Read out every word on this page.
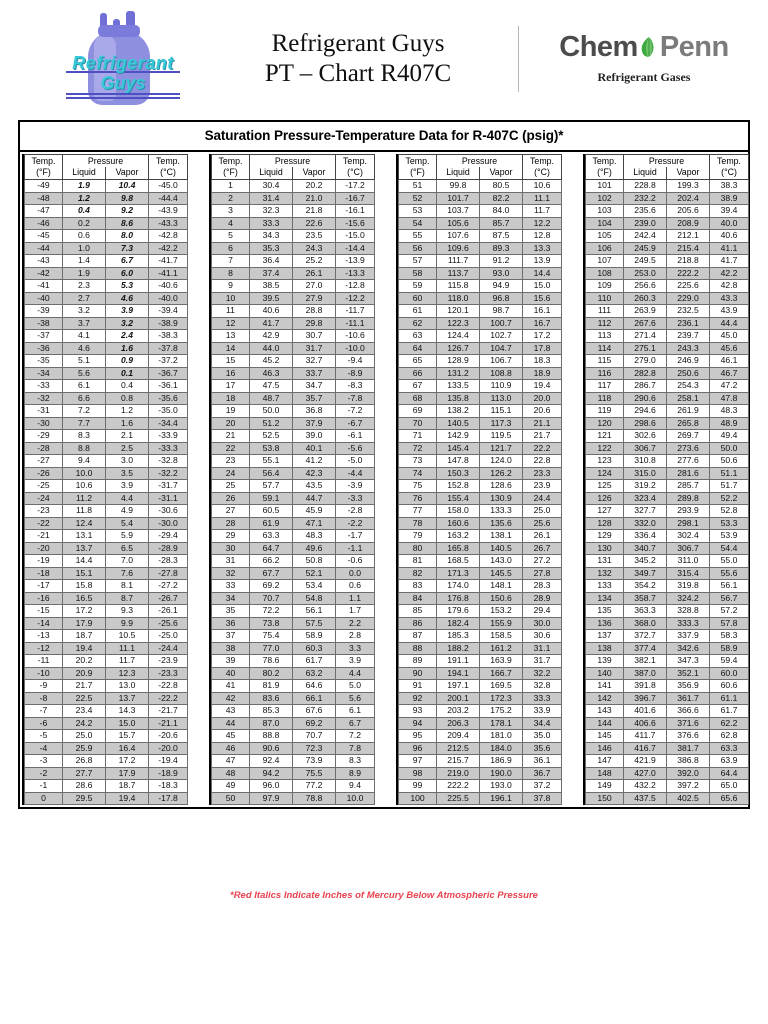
Refrigerant
Guys
Refrigerant Guys
PT – Chart R407C
Chem Penn
Refrigerant Gases
Saturation Pressure-Temperature Data for R-407C (psig)*
Temp.	Pressure		Temp.
(°F)	Liquid	Vapor	(°C)
-49	1.9	10.4	-45.0
-48	1.2	9.8	-44.4
-47	0.4	9.2	-43.9
-46	0.2	8.6	-43.3
-45	0.6	8.0	-42.8
-44	1.0	7.3	-42.2
-43	1.4	6.7	-41.7
-42	1.9	6.0	-41.1
-41	2.3	5.3	-40.6
-40	2.7	4.6	-40.0
-39	3.2	3.9	-39.4
-38	3.7	3.2	-38.9
-37	4.1	2.4	-38.3
-36	4.6	1.6	-37.8
-35	5.1	0.9	-37.2
-34	5.6	0.1	-36.7
-33	6.1	0.4	-36.1
-32	6.6	0.8	-35.6
-31	7.2	1.2	-35.0
-30	7.7	1.6	-34.4
-29	8.3	2.1	-33.9
-28	8.8	2.5	-33.3
-27	9.4	3.0	-32.8
-26	10.0	3.5	-32.2
-25	10.6	3.9	-31.7
-24	11.2	4.4	-31.1
-23	11.8	4.9	-30.6
-22	12.4	5.4	-30.0
-21	13.1	5.9	-29.4
-20	13.7	6.5	-28.9
-19	14.4	7.0	-28.3
-18	15.1	7.6	-27.8
-17	15.8	8.1	-27.2
-16	16.5	8.7	-26.7
-15	17.2	9.3	-26.1
-14	17.9	9.9	-25.6
-13	18.7	10.5	-25.0
-12	19.4	11.1	-24.4
-11	20.2	11.7	-23.9
-10	20.9	12.3	-23.3
-9	21.7	13.0	-22.8
-8	22.5	13.7	-22.2
-7	23.4	14.3	-21.7
-6	24.2	15.0	-21.1
-5	25.0	15.7	-20.6
-4	25.9	16.4	-20.0
-3	26.8	17.2	-19.4
-2	27.7	17.9	-18.9
-1	28.6	18.7	-18.3
0	29.5	19.4	-17.8
Temp.	Pressure		Temp.
(°F)	Liquid	Vapor	(°C)
1	30.4	20.2	-17.2
2	31.4	21.0	-16.7
3	32.3	21.8	-16.1
4	33.3	22.6	-15.6
5	34.3	23.5	-15.0
6	35.3	24.3	-14.4
7	36.4	25.2	-13.9
8	37.4	26.1	-13.3
9	38.5	27.0	-12.8
10	39.5	27.9	-12.2
11	40.6	28.8	-11.7
12	41.7	29.8	-11.1
13	42.9	30.7	-10.6
14	44.0	31.7	-10.0
15	45.2	32.7	-9.4
16	46.3	33.7	-8.9
17	47.5	34.7	-8.3
18	48.7	35.7	-7.8
19	50.0	36.8	-7.2
20	51.2	37.9	-6.7
21	52.5	39.0	-6.1
22	53.8	40.1	-5.6
23	55.1	41.2	-5.0
24	56.4	42.3	-4.4
25	57.7	43.5	-3.9
26	59.1	44.7	-3.3
27	60.5	45.9	-2.8
28	61.9	47.1	-2.2
29	63.3	48.3	-1.7
30	64.7	49.6	-1.1
31	66.2	50.8	-0.6
32	67.7	52.1	0.0
33	69.2	53.4	0.6
34	70.7	54.8	1.1
35	72.2	56.1	1.7
36	73.8	57.5	2.2
37	75.4	58.9	2.8
38	77.0	60.3	3.3
39	78.6	61.7	3.9
40	80.2	63.2	4.4
41	81.9	64.6	5.0
42	83.6	66.1	5.6
43	85.3	67.6	6.1
44	87.0	69.2	6.7
45	88.8	70.7	7.2
46	90.6	72.3	7.8
47	92.4	73.9	8.3
48	94.2	75.5	8.9
49	96.0	77.2	9.4
50	97.9	78.8	10.0
Temp.	Pressure		Temp.
(°F)	Liquid	Vapor	(°C)
51	99.8	80.5	10.6
52	101.7	82.2	11.1
53	103.7	84.0	11.7
54	105.6	85.7	12.2
55	107.6	87.5	12.8
56	109.6	89.3	13.3
57	111.7	91.2	13.9
58	113.7	93.0	14.4
59	115.8	94.9	15.0
60	118.0	96.8	15.6
61	120.1	98.7	16.1
62	122.3	100.7	16.7
63	124.4	102.7	17.2
64	126.7	104.7	17.8
65	128.9	106.7	18.3
66	131.2	108.8	18.9
67	133.5	110.9	19.4
68	135.8	113.0	20.0
69	138.2	115.1	20.6
70	140.5	117.3	21.1
71	142.9	119.5	21.7
72	145.4	121.7	22.2
73	147.8	124.0	22.8
74	150.3	126.2	23.3
75	152.8	128.6	23.9
76	155.4	130.9	24.4
77	158.0	133.3	25.0
78	160.6	135.6	25.6
79	163.2	138.1	26.1
80	165.8	140.5	26.7
81	168.5	143.0	27.2
82	171.3	145.5	27.8
83	174.0	148.1	28.3
84	176.8	150.6	28.9
85	179.6	153.2	29.4
86	182.4	155.9	30.0
87	185.3	158.5	30.6
88	188.2	161.2	31.1
89	191.1	163.9	31.7
90	194.1	166.7	32.2
91	197.1	169.5	32.8
92	200.1	172.3	33.3
93	203.2	175.2	33.9
94	206.3	178.1	34.4
95	209.4	181.0	35.0
96	212.5	184.0	35.6
97	215.7	186.9	36.1
98	219.0	190.0	36.7
99	222.2	193.0	37.2
100	225.5	196.1	37.8
Temp.	Pressure		Temp.
(°F)	Liquid	Vapor	(°C)
101	228.8	199.3	38.3
102	232.2	202.4	38.9
103	235.6	205.6	39.4
104	239.0	208.9	40.0
105	242.4	212.1	40.6
106	245.9	215.4	41.1
107	249.5	218.8	41.7
108	253.0	222.2	42.2
109	256.6	225.6	42.8
110	260.3	229.0	43.3
111	263.9	232.5	43.9
112	267.6	236.1	44.4
113	271.4	239.7	45.0
114	275.1	243.3	45.6
115	279.0	246.9	46.1
116	282.8	250.6	46.7
117	286.7	254.3	47.2
118	290.6	258.1	47.8
119	294.6	261.9	48.3
120	298.6	265.8	48.9
121	302.6	269.7	49.4
122	306.7	273.6	50.0
123	310.8	277.6	50.6
124	315.0	281.6	51.1
125	319.2	285.7	51.7
126	323.4	289.8	52.2
127	327.7	293.9	52.8
128	332.0	298.1	53.3
129	336.4	302.4	53.9
130	340.7	306.7	54.4
131	345.2	311.0	55.0
132	349.7	315.4	55.6
133	354.2	319.8	56.1
134	358.7	324.2	56.7
135	363.3	328.8	57.2
136	368.0	333.3	57.8
137	372.7	337.9	58.3
138	377.4	342.6	58.9
139	382.1	347.3	59.4
140	387.0	352.1	60.0
141	391.8	356.9	60.6
142	396.7	361.7	61.1
143	401.6	366.6	61.7
144	406.6	371.6	62.2
145	411.7	376.6	62.8
146	416.7	381.7	63.3
147	421.9	386.8	63.9
148	427.0	392.0	64.4
149	432.2	397.2	65.0
150	437.5	402.5	65.6
*Red Italics Indicate Inches of Mercury Below Atmospheric Pressure
